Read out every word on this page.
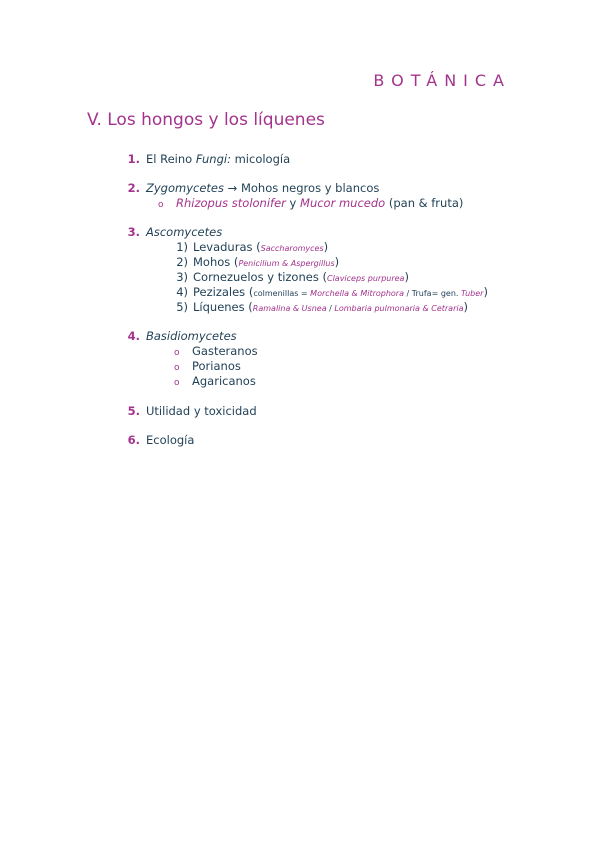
BOTÁNICA
V. Los hongos y los líquenes
1. El Reino Fungi: micología
2. Zygomycetes → Mohos negros y blancos
o Rhizopus stolonifer y Mucor mucedo (pan & fruta)
3. Ascomycetes
1) Levaduras (Saccharomyces)
2) Mohos (Penicilium & Aspergillus)
3) Cornezuelos y tizones (Claviceps purpurea)
4) Pezizales (colmenillas = Morchella & Mitrophora / Trufa= gen. Tuber)
5) Líquenes (Ramalina & Usnea / Lombaria pulmonaria & Cetraria)
4. Basidiomycetes
o Gasteranos
o Porianos
o Agaricanos
5. Utilidad y toxicidad
6. Ecología
